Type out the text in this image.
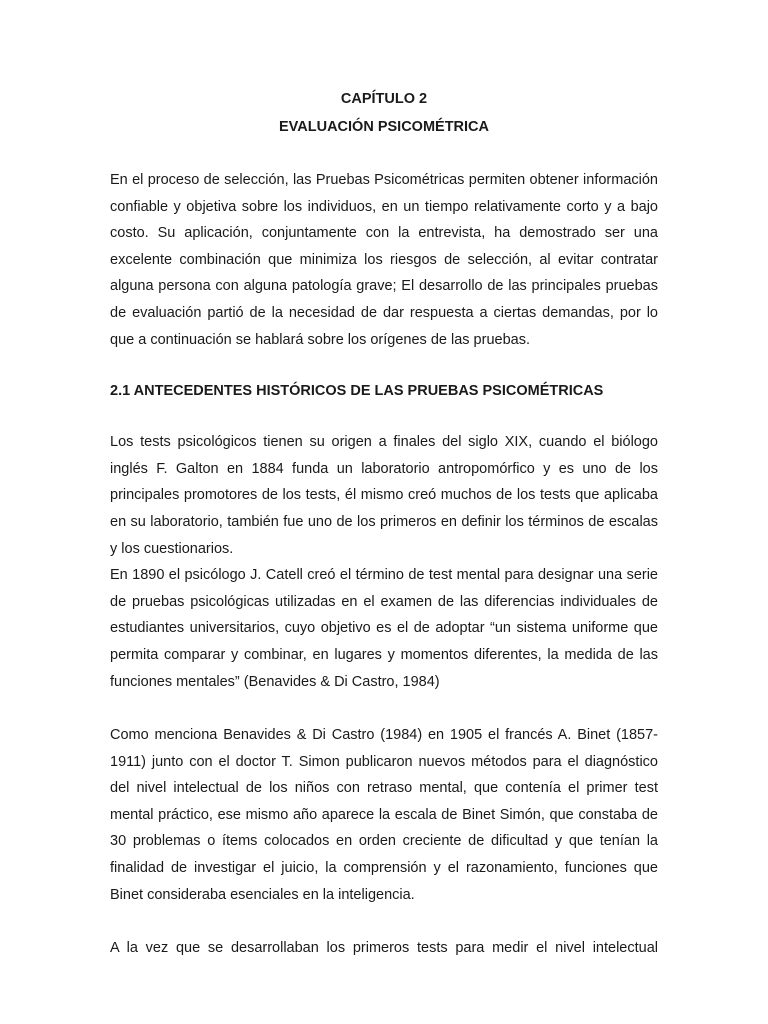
CAPÍTULO 2

EVALUACIÓN PSICOMÉTRICA

En el proceso de selección, las Pruebas Psicométricas permiten obtener información confiable y objetiva sobre los individuos, en un tiempo relativamente corto y a bajo costo. Su aplicación, conjuntamente con la entrevista, ha demostrado ser una excelente combinación que minimiza los riesgos de selección, al evitar contratar alguna persona con alguna patología grave; El desarrollo de las principales pruebas de evaluación partió de la necesidad de dar respuesta a ciertas demandas, por lo que a continuación se hablará sobre los orígenes de las pruebas.

2.1 ANTECEDENTES HISTÓRICOS DE LAS PRUEBAS PSICOMÉTRICAS

Los tests psicológicos tienen su origen a finales del siglo XIX, cuando el biólogo inglés F. Galton en 1884 funda un laboratorio antropomórfico y es uno de los principales promotores de los tests, él mismo creó muchos de los tests que aplicaba en su laboratorio, también fue uno de los primeros en definir los términos de escalas y los cuestionarios.

En 1890 el psicólogo J. Catell creó el término de test mental para designar una serie de pruebas psicológicas utilizadas en el examen de las diferencias individuales de estudiantes universitarios, cuyo objetivo es el de adoptar “un sistema uniforme que permita comparar y combinar, en lugares y momentos diferentes, la medida de las funciones mentales” (Benavides & Di Castro, 1984)

Como menciona Benavides & Di Castro (1984) en 1905 el francés A. Binet (1857-1911) junto con el doctor T. Simon publicaron nuevos métodos para el diagnóstico del nivel intelectual de los niños con retraso mental, que contenía el primer test mental práctico, ese mismo año aparece la escala de Binet Simón, que constaba de 30 problemas o ítems colocados en orden creciente de dificultad y que tenían la finalidad de investigar el juicio, la comprensión y el razonamiento, funciones que Binet consideraba esenciales en la inteligencia.

A la vez que se desarrollaban los primeros tests para medir el nivel intelectual
